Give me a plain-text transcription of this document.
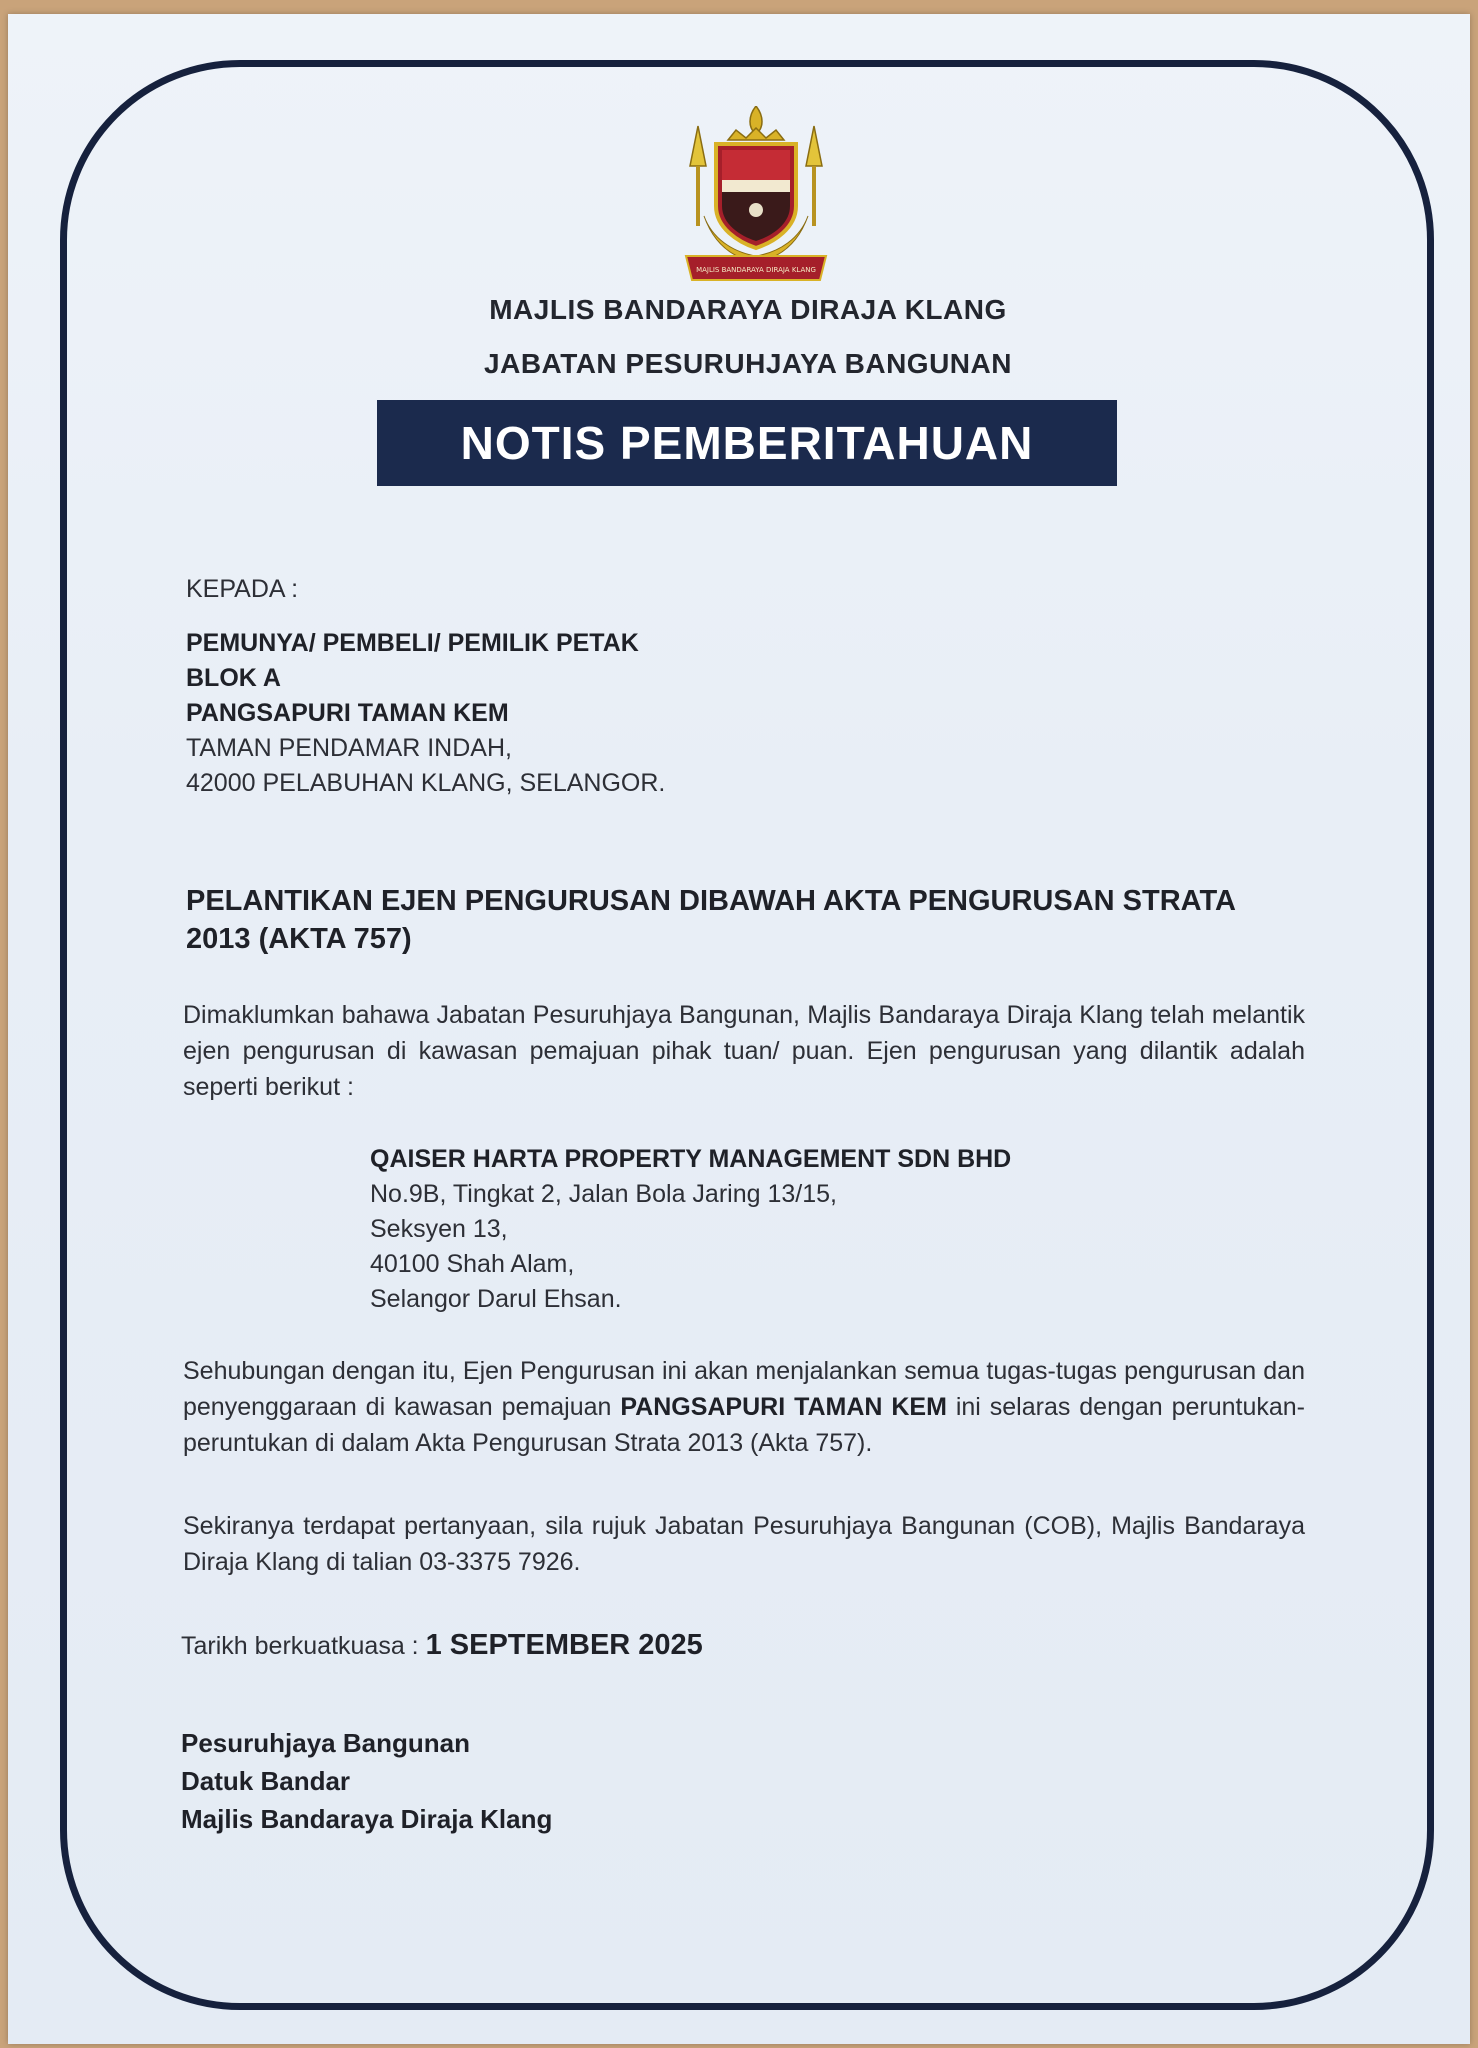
MAJLIS BANDARAYA DIRAJA KLANG
MAJLIS BANDARAYA DIRAJA KLANG
JABATAN PESURUHJAYA BANGUNAN
NOTIS PEMBERITAHUAN
KEPADA :
PEMUNYA/ PEMBELI/ PEMILIK PETAK
BLOK A
PANGSAPURI TAMAN KEM
TAMAN PENDAMAR INDAH,
42000 PELABUHAN KLANG, SELANGOR.
PELANTIKAN EJEN PENGURUSAN DIBAWAH AKTA PENGURUSAN STRATA 2013 (AKTA 757)
Dimaklumkan bahawa Jabatan Pesuruhjaya Bangunan, Majlis Bandaraya Diraja Klang telah melantik ejen pengurusan di kawasan pemajuan pihak tuan/ puan. Ejen pengurusan yang dilantik adalah seperti berikut :
QAISER HARTA PROPERTY MANAGEMENT SDN BHD
No.9B, Tingkat 2, Jalan Bola Jaring 13/15,
Seksyen 13,
40100 Shah Alam,
Selangor Darul Ehsan.
Sehubungan dengan itu, Ejen Pengurusan ini akan menjalankan semua tugas-tugas pengurusan dan penyenggaraan di kawasan pemajuan PANGSAPURI TAMAN KEM ini selaras dengan peruntukan-peruntukan di dalam Akta Pengurusan Strata 2013 (Akta 757).
Sekiranya terdapat pertanyaan, sila rujuk Jabatan Pesuruhjaya Bangunan (COB), Majlis Bandaraya Diraja Klang di talian 03-3375 7926.
Tarikh berkuatkuasa : 1 SEPTEMBER 2025
Pesuruhjaya Bangunan
Datuk Bandar
Majlis Bandaraya Diraja Klang
